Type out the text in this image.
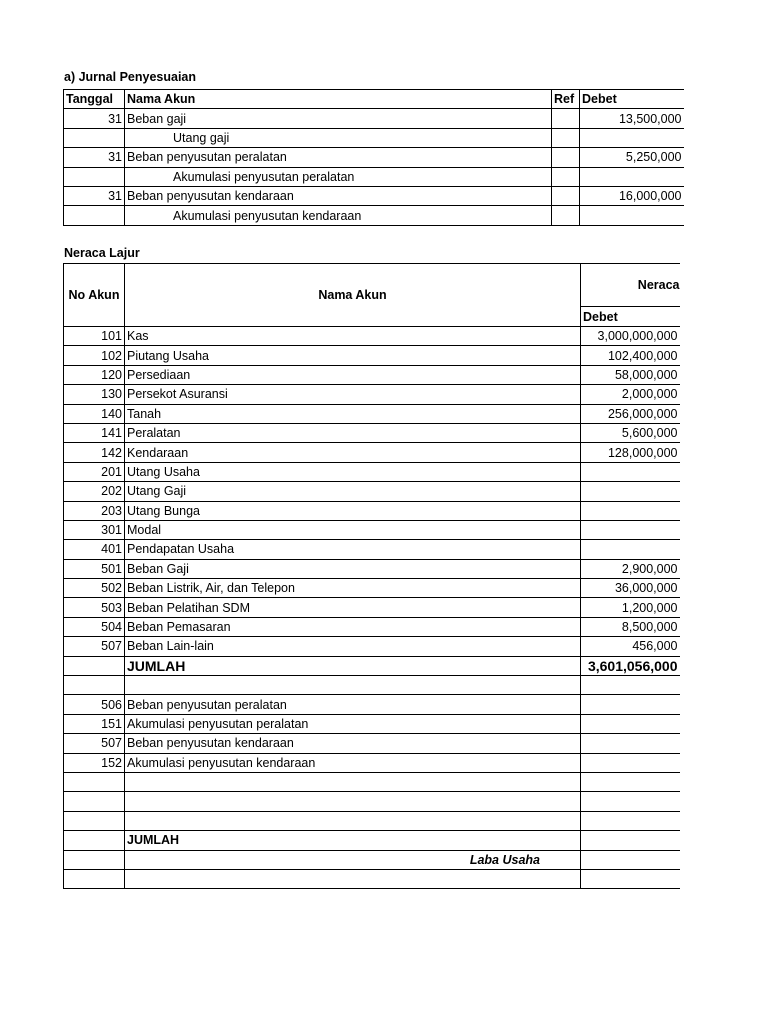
a) Jurnal Penyesuaian
Tanggal	Nama Akun	Ref	Debet
31	Beban gaji		13,500,000
	Utang gaji		
31	Beban penyusutan peralatan		5,250,000
	Akumulasi penyusutan peralatan		
31	Beban penyusutan kendaraan		16,000,000
	Akumulasi penyusutan kendaraan		
Neraca Lajur
No Akun	Nama Akun	Neraca
		Debet
101	Kas	3,000,000,000
102	Piutang Usaha	102,400,000
120	Persediaan	58,000,000
130	Persekot Asuransi	2,000,000
140	Tanah	256,000,000
141	Peralatan	5,600,000
142	Kendaraan	128,000,000
201	Utang Usaha	
202	Utang Gaji	
203	Utang Bunga	
301	Modal	
401	Pendapatan Usaha	
501	Beban Gaji	2,900,000
502	Beban Listrik, Air, dan Telepon	36,000,000
503	Beban Pelatihan SDM	1,200,000
504	Beban Pemasaran	8,500,000
507	Beban Lain-lain	456,000
	JUMLAH	3,601,056,000

506	Beban penyusutan peralatan	
151	Akumulasi penyusutan peralatan	
507	Beban penyusutan kendaraan	
152	Akumulasi penyusutan kendaraan	

	JUMLAH	
	Laba Usaha	
